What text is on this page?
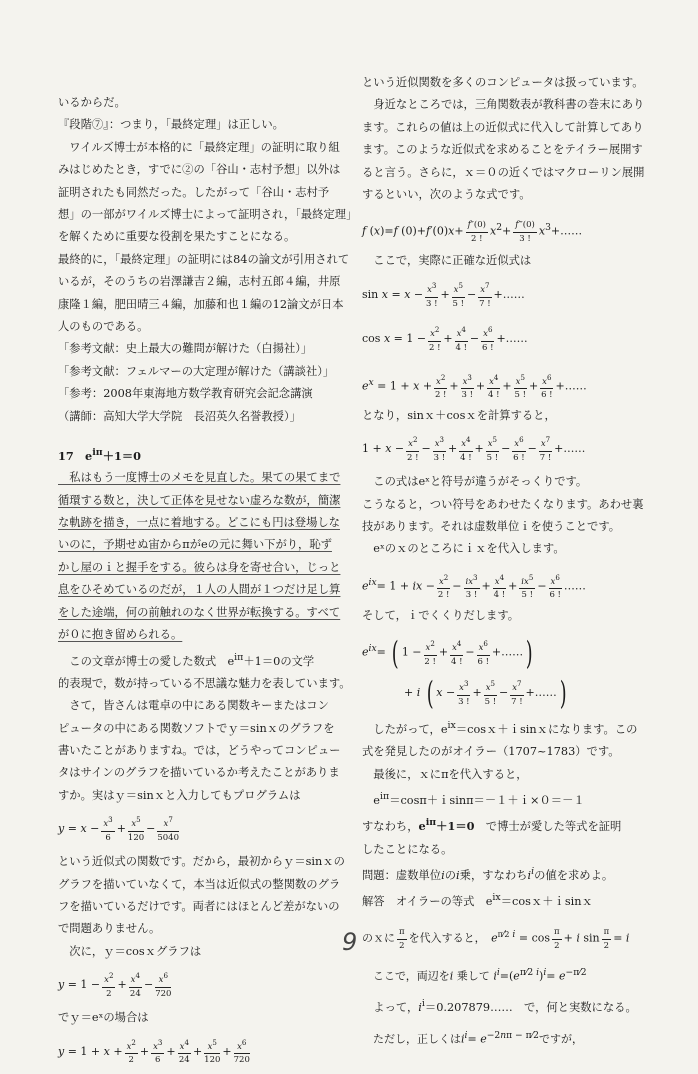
いるからだ。

『段階⑦』：つまり，「最終定理」は正しい。

　ワイルズ博士が本格的に「最終定理」の証明に取り組

みはじめたとき，すでに②の「谷山・志村予想」以外は

証明されたも同然だった。したがって「谷山・志村予

想」の一部がワイルズ博士によって証明され，「最終定理」

を解くために重要な役割を果たすことになる。

最終的に，「最終定理」の証明には84の論文が引用されて

いるが，そのうちの岩澤謙吉２編，志村五郎４編，井原

康隆１編，肥田晴三４編，加藤和也１編の12論文が日本

人のものである。

「参考文献：史上最大の難問が解けた（白揚社）」

「参考文献：フェルマーの大定理が解けた（講談社）」

「参考：2008年東海地方数学教育研究会記念講演

（講師：高知大学大学院　長沼英久名誉教授）」

17　$e^{i\pi}+1=0$

　私はもう一度博士のメモを見直した。果ての果てまで

循環する数と，決して正体を見せない虚ろな数が，簡潔

な軌跡を描き，一点に着地する。どこにも円は登場しな

いのに，予期せぬ宙からπがeの元に舞い下がり，恥ず

かし屋のｉと握手をする。彼らは身を寄せ合い，じっと

息をひそめているのだが，１人の人間が１つだけ足し算

をした途端，何の前触れのなく世界が転換する。すべて

が０に抱き留められる。

　この文章が博士の愛した数式　$e^{i\pi}+1=0$の文学

的表現で，数が持っている不思議な魅力を表しています。

　さて，皆さんは電卓の中にある関数キーまたはコン

ピュータの中にある関数ソフトでｙ＝sinｘのグラフを

書いたことがありますね。では，どうやってコンピュー

タはサインのグラフを描いているか考えたことがありま

すか。実はｙ＝sinｘと入力してもプログラムは

$y = x - \frac{x^3}{6} + \frac{x^5}{120} - \frac{x^7}{5040}$

という近似式の関数です。だから，最初からｙ＝sinｘの

グラフを描いていなくて，本当は近似式の整関数のグラ

フを描いているだけです。両者にはほとんど差がないの

で問題ありません。

　次に，ｙ＝cosｘグラフは

$y = 1 - \frac{x^2}{2} + \frac{x^4}{24} - \frac{x^6}{720}$

でｙ＝eˣの場合は

$y = 1 + x + \frac{x^2}{2} + \frac{x^3}{6} + \frac{x^4}{24} + \frac{x^5}{120} + \frac{x^6}{720}$

という近似関数を多くのコンピュータは扱っています。

　身近なところでは，三角関数表が教科書の巻末にあり

ます。これらの値は上の近似式に代入して計算してあり

ます。このような近似式を求めることをテイラー展開す

ると言う。さらに，ｘ＝０の近くではマクローリン展開

するといい，次のような式です。

f (x)=f $(0)+f'(0)x+ \frac{f''(0)}{2 !} x^2+ \frac{f‴(0)}{3 !}$ $x^3+\dots\dots$

　ここで，実際に正確な近似式は

$\sin x = x - \frac{x^3}{3 !} + \frac{x^5}{5 !} - \frac{x^7}{7 !}$ +……

$\cos x = 1 - \frac{x^2}{2 !} + \frac{x^4}{4 !} - \frac{x^6}{6 !}$ +……

$e^x = 1 + x + \frac{x^2}{2 !} + \frac{x^3}{3 !} + \frac{x^4}{4 !} + \frac{x^5}{5 !} + \frac{x^6}{6 !}$ +……

となり，sinｘ＋cosｘを計算すると，

$1 + x - \frac{x^2}{2 !} - \frac{x^3}{3 !} + \frac{x^4}{4 !} + \frac{x^5}{5 !} - \frac{x^6}{6 !} - \frac{x^7}{7 !}$ +……

　この式はeˣと符号が違うがそっくりです。

こうなると，つい符号をあわせたくなります。あわせ裏

技があります。それは虚数単位ｉを使うことです。

　eˣのｘのところにｉｘを代入します。

$e^{ix}= 1$ + ix − $\frac{x^2}{2 !} - \frac{ix^3}{3 !} + \frac{x^4}{4 !} + \frac{ix^5}{5 !} - \frac{x^6}{6 !}$ ……

そして，ｉでくくりだします。

$e^{ix}=$ ( $1 - \frac{x^2}{2 !} + \frac{x^4}{4 !} - \frac{x^6}{6 !}$ +……)

+ i ( $x - \frac{x^3}{3 !} + \frac{x^5}{5 !} - \frac{x^7}{7 !}$ +……)

　したがって，$e^{ix}=\cos x+i\sin x$になります。この

式を発見したのがオイラー（1707~1783）です。

　最後に，ｘにπを代入すると，

　$e^{i\pi}=\cos\pi+i\sin\pi=-1+i\times 0=-1$

すなわち，$e^{i\pi}+1=0$　で博士が愛した等式を証明

したことになる。

問題：虚数単位iのi乗，すなわち$i^i$の値を求めよ。

解答　オイラーの等式　$e^{ix}=\cos x+i\sin x$

のｘに $\frac{\pi}{2}$ を代入すると，　 $e^{\pi⁄2 i} = \cos \frac{\pi}{2} + i$ $\sin \frac{\pi}{2} = i$

　ここで，両辺をi 乗して $i^i=(e^{\pi⁄2 i})^i= e^{-\pi⁄2}$

　よって，$i^i=0.207879\dots\dots$　で，何と実数になる。

　ただし，正しくは$i^i= e^{-2n\pi - \pi⁄2}$ですが，

9
